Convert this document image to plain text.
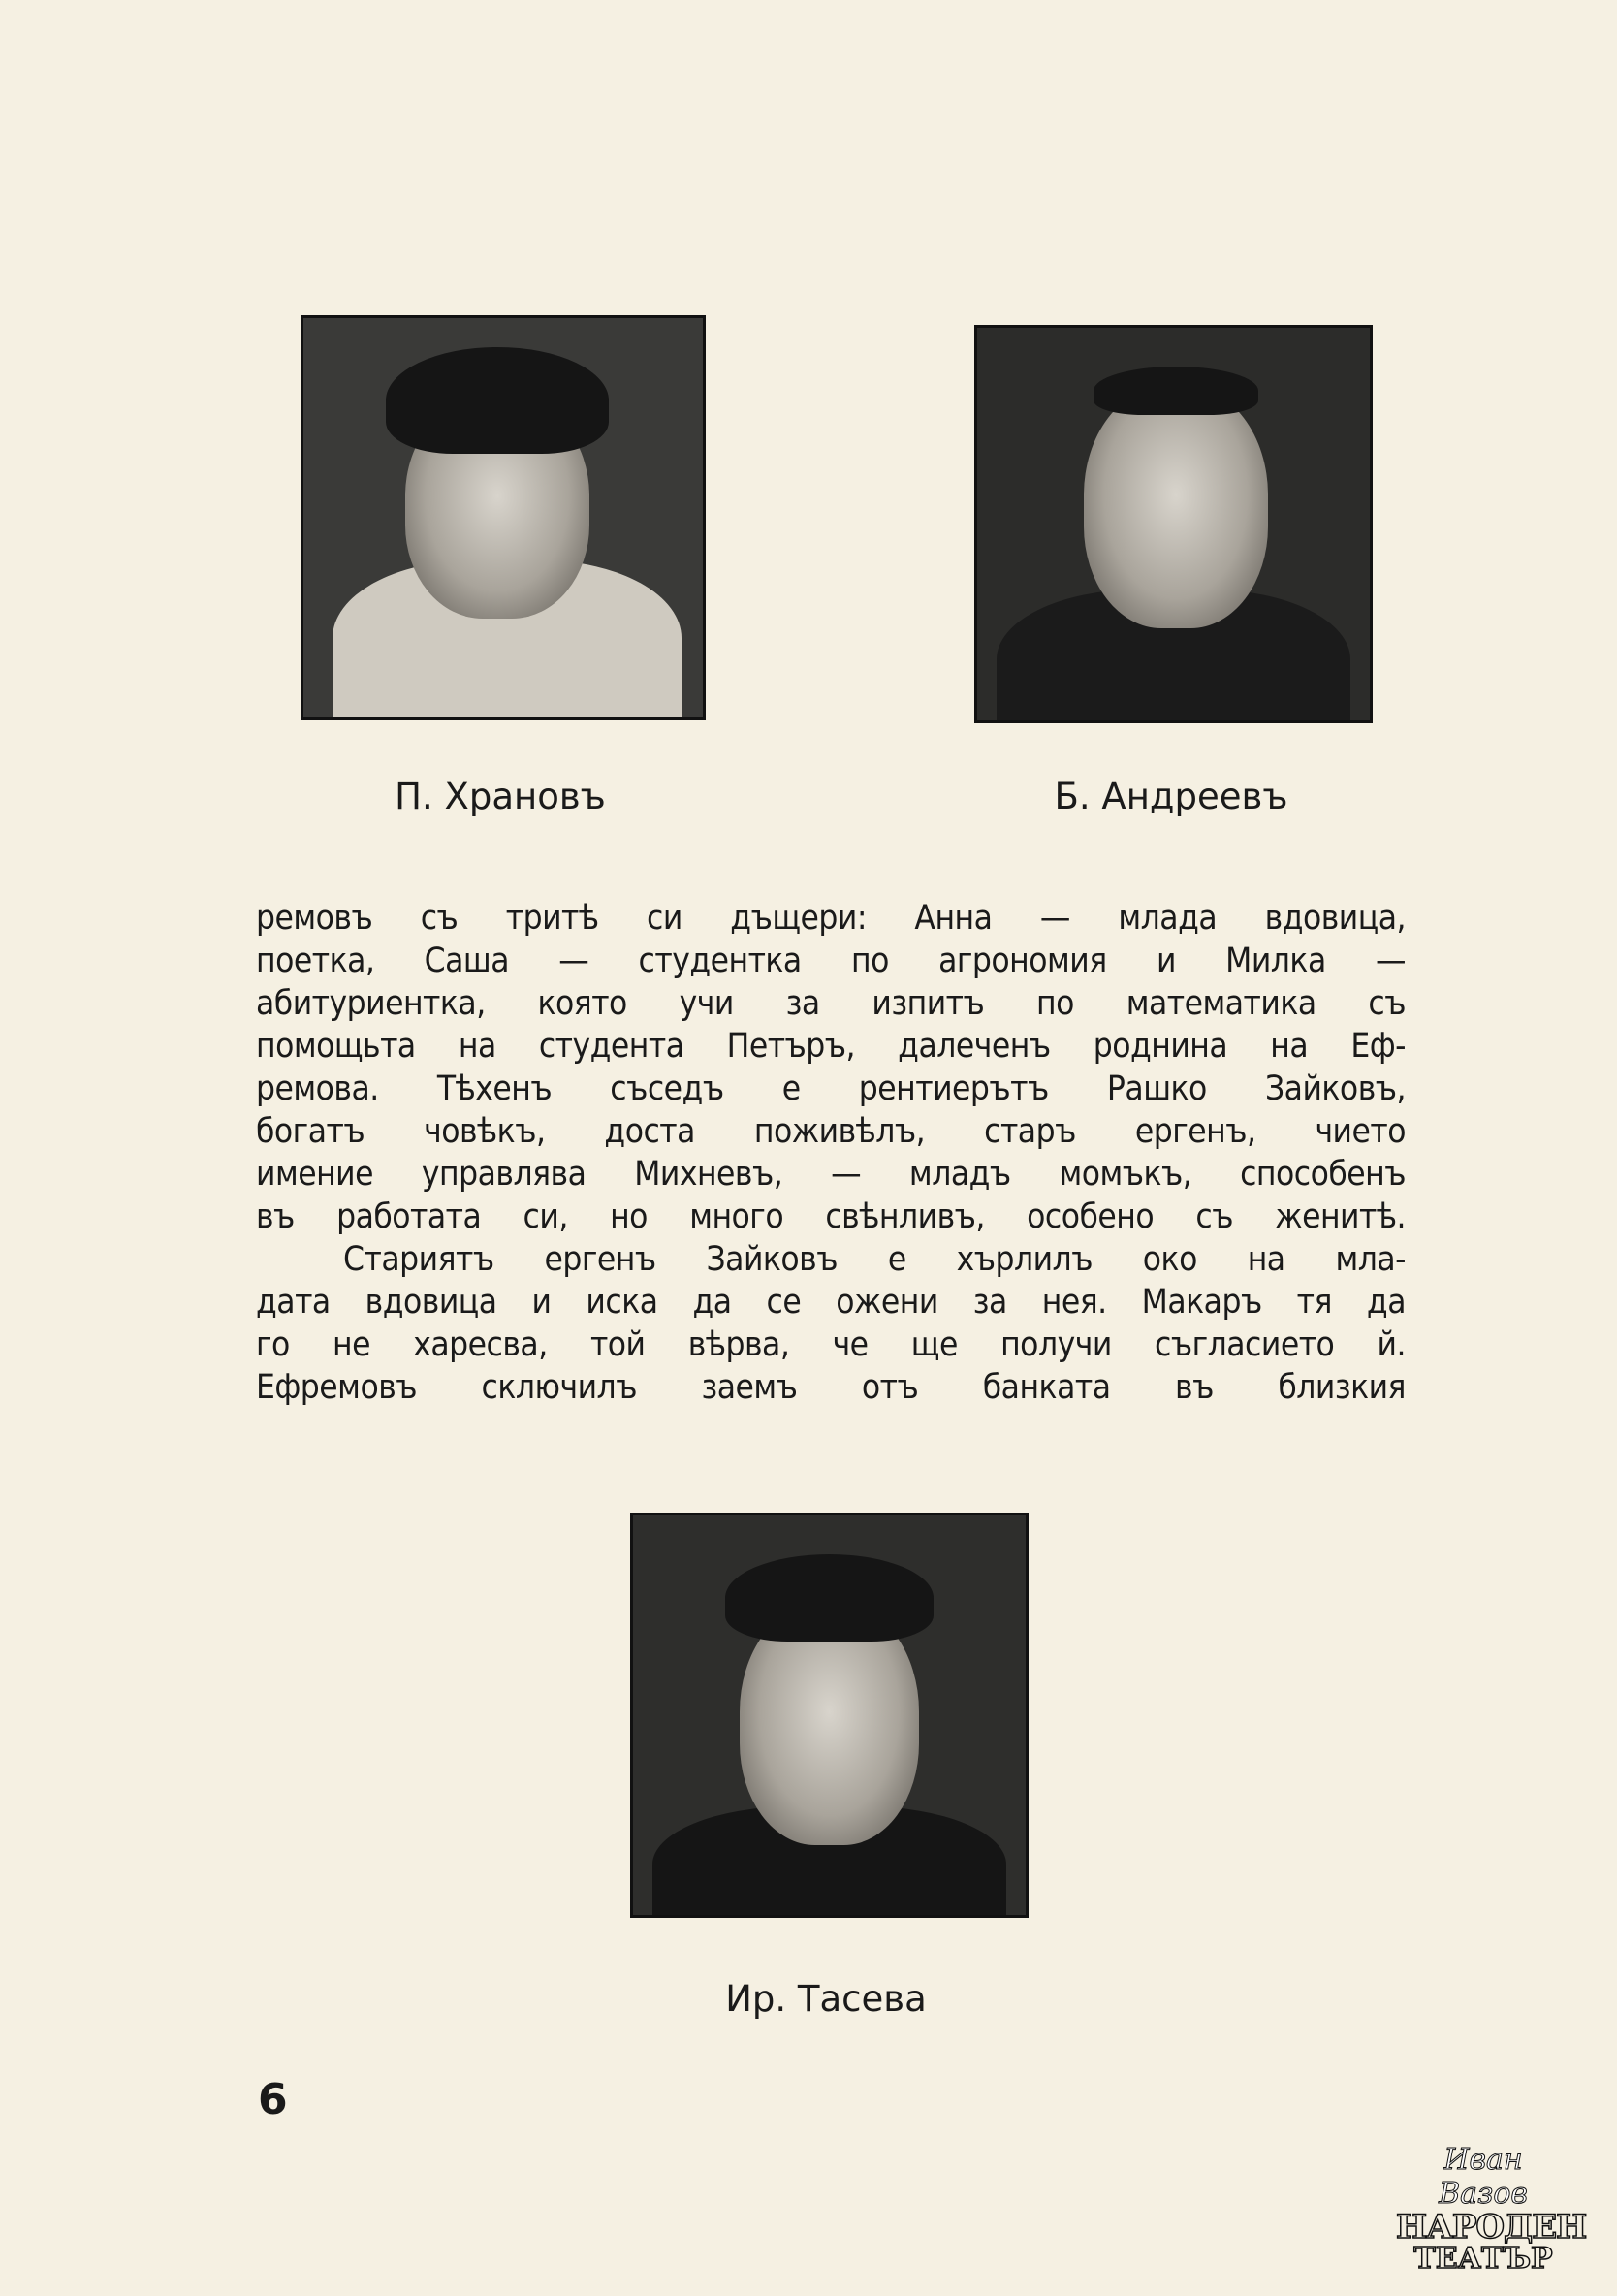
П. Храновъ	Б. Андреевъ
ремовъ съ тритѣ си дъщери: Анна — млада вдовица,
поетка, Саша — студентка по агрономия и Милка —
абитуриентка, която учи за изпитъ по математика съ
помощьта на студента Петъръ, далеченъ роднина на Еф-
ремова. Тѣхенъ съседъ е рентиерътъ Рашко Зайковъ,
богатъ човѣкъ, доста поживѣлъ, старъ ергенъ, чието
имение управлява Михневъ, — младъ момъкъ, способенъ
въ работата си, но много свѣнливъ, особено съ женитѣ.
Стариятъ ергенъ Зайковъ е хърлилъ око на мла-
дата вдовица и иска да се ожени за нея. Макаръ тя да
го не харесва, той вѣрва, че ще получи съгласието й.
Ефремовъ сключилъ заемъ отъ банката въ близкия
Ир. Тасева
6
Иван Вазов
НАРОДЕН
ТЕАТЪР
